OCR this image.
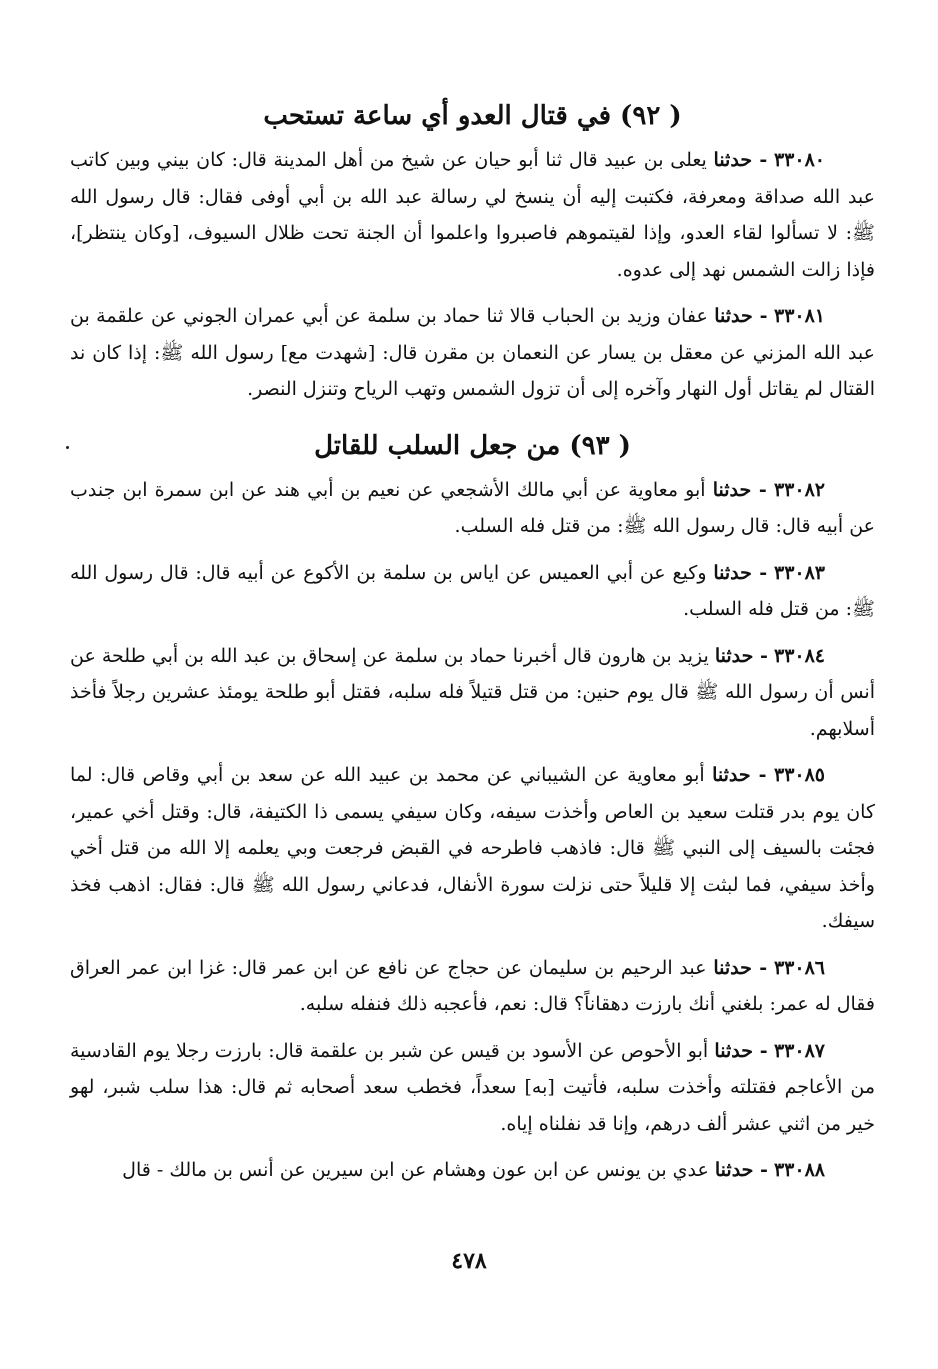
( ٩٢) في قتال العدو أي ساعة تستحب

٣٣٠٨٠ - حدثنا يعلى بن عبيد قال ثنا أبو حيان عن شيخ من أهل المدينة قال: كان بيني وبين كاتب عبد الله صداقة ومعرفة، فكتبت إليه أن ينسخ لي رسالة عبد الله بن أبي أوفى فقال: قال رسول الله ﷺ: لا تسألوا لقاء العدو، وإذا لقيتموهم فاصبروا واعلموا أن الجنة تحت ظلال السيوف، [وكان ينتظر]، فإذا زالت الشمس نهد إلى عدوه.

٣٣٠٨١ - حدثنا عفان وزيد بن الحباب قالا ثنا حماد بن سلمة عن أبي عمران الجوني عن علقمة بن عبد الله المزني عن معقل بن يسار عن النعمان بن مقرن قال: [شهدت مع] رسول الله ﷺ: إذا كان ند القتال لم يقاتل أول النهار وآخره إلى أن تزول الشمس وتهب الرياح وتنزل النصر.

( ٩٣) من جعل السلب للقاتل

٣٣٠٨٢ - حدثنا أبو معاوية عن أبي مالك الأشجعي عن نعيم بن أبي هند عن ابن سمرة ابن جندب عن أبيه قال: قال رسول الله ﷺ: من قتل فله السلب.

٣٣٠٨٣ - حدثنا وكيع عن أبي العميس عن اياس بن سلمة بن الأكوع عن أبيه قال: قال رسول الله ﷺ: من قتل فله السلب.

٣٣٠٨٤ - حدثنا يزيد بن هارون قال أخبرنا حماد بن سلمة عن إسحاق بن عبد الله بن أبي طلحة عن أنس أن رسول الله ﷺ قال يوم حنين: من قتل قتيلاً فله سلبه، فقتل أبو طلحة يومئذ عشرين رجلاً فأخذ أسلابهم.

٣٣٠٨٥ - حدثنا أبو معاوية عن الشيباني عن محمد بن عبيد الله عن سعد بن أبي وقاص قال: لما كان يوم بدر قتلت سعيد بن العاص وأخذت سيفه، وكان سيفي يسمى ذا الكتيفة، قال: وقتل أخي عمير، فجئت بالسيف إلى النبي ﷺ قال: فاذهب فاطرحه في القبض فرجعت وبي يعلمه إلا الله من قتل أخي وأخذ سيفي، فما لبثت إلا قليلاً حتى نزلت سورة الأنفال، فدعاني رسول الله ﷺ قال: فقال: اذهب فخذ سيفك.

٣٣٠٨٦ - حدثنا عبد الرحيم بن سليمان عن حجاج عن نافع عن ابن عمر قال: غزا ابن عمر العراق فقال له عمر: بلغني أنك بارزت دهقاناً؟ قال: نعم، فأعجبه ذلك فنفله سلبه.

٣٣٠٨٧ - حدثنا أبو الأحوص عن الأسود بن قيس عن شبر بن علقمة قال: بارزت رجلا يوم القادسية من الأعاجم فقتلته وأخذت سلبه، فأتيت [به] سعداً، فخطب سعد أصحابه ثم قال: هذا سلب شبر، لهو خير من اثني عشر ألف درهم، وإنا قد نفلناه إياه.

٣٣٠٨٨ - حدثنا عدي بن يونس عن ابن عون وهشام عن ابن سيرين عن أنس بن مالك - قال

٤٧٨
